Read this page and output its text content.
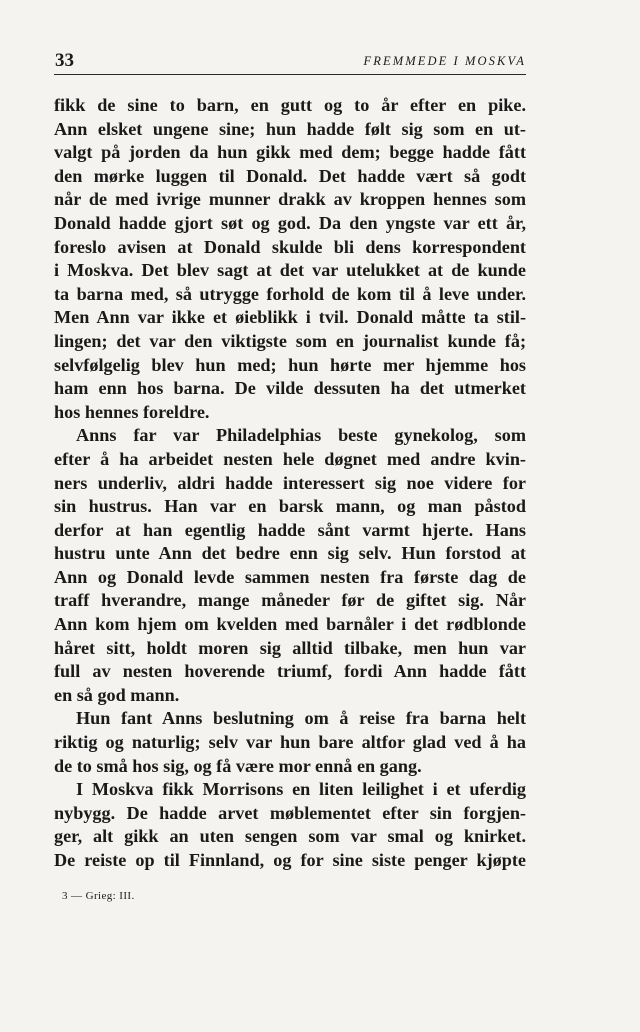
33	FREMMEDE I MOSKVA

fikk de sine to barn, en gutt og to år efter en pike.
Ann elsket ungene sine; hun hadde følt sig som en ut-
valgt på jorden da hun gikk med dem; begge hadde fått
den mørke luggen til Donald. Det hadde vært så godt
når de med ivrige munner drakk av kroppen hennes som
Donald hadde gjort søt og god. Da den yngste var ett år,
foreslo avisen at Donald skulde bli dens korrespondent
i Moskva. Det blev sagt at det var utelukket at de kunde
ta barna med, så utrygge forhold de kom til å leve under.
Men Ann var ikke et øieblikk i tvil. Donald måtte ta stil-
lingen; det var den viktigste som en journalist kunde få;
selvfølgelig blev hun med; hun hørte mer hjemme hos
ham enn hos barna. De vilde dessuten ha det utmerket
hos hennes foreldre.

Anns far var Philadelphias beste gynekolog, som
efter å ha arbeidet nesten hele døgnet med andre kvin-
ners underliv, aldri hadde interessert sig noe videre for
sin hustrus. Han var en barsk mann, og man påstod
derfor at han egentlig hadde sånt varmt hjerte. Hans
hustru unte Ann det bedre enn sig selv. Hun forstod at
Ann og Donald levde sammen nesten fra første dag de
traff hverandre, mange måneder før de giftet sig. Når
Ann kom hjem om kvelden med barnåler i det rødblonde
håret sitt, holdt moren sig alltid tilbake, men hun var
full av nesten hoverende triumf, fordi Ann hadde fått
en så god mann.

Hun fant Anns beslutning om å reise fra barna helt
riktig og naturlig; selv var hun bare altfor glad ved å ha
de to små hos sig, og få være mor ennå en gang.

I Moskva fikk Morrisons en liten leilighet i et uferdig
nybygg. De hadde arvet møblementet efter sin forgjen-
ger, alt gikk an uten sengen som var smal og knirket.
De reiste op til Finnland, og for sine siste penger kjøpte

3 — Grieg: III.
